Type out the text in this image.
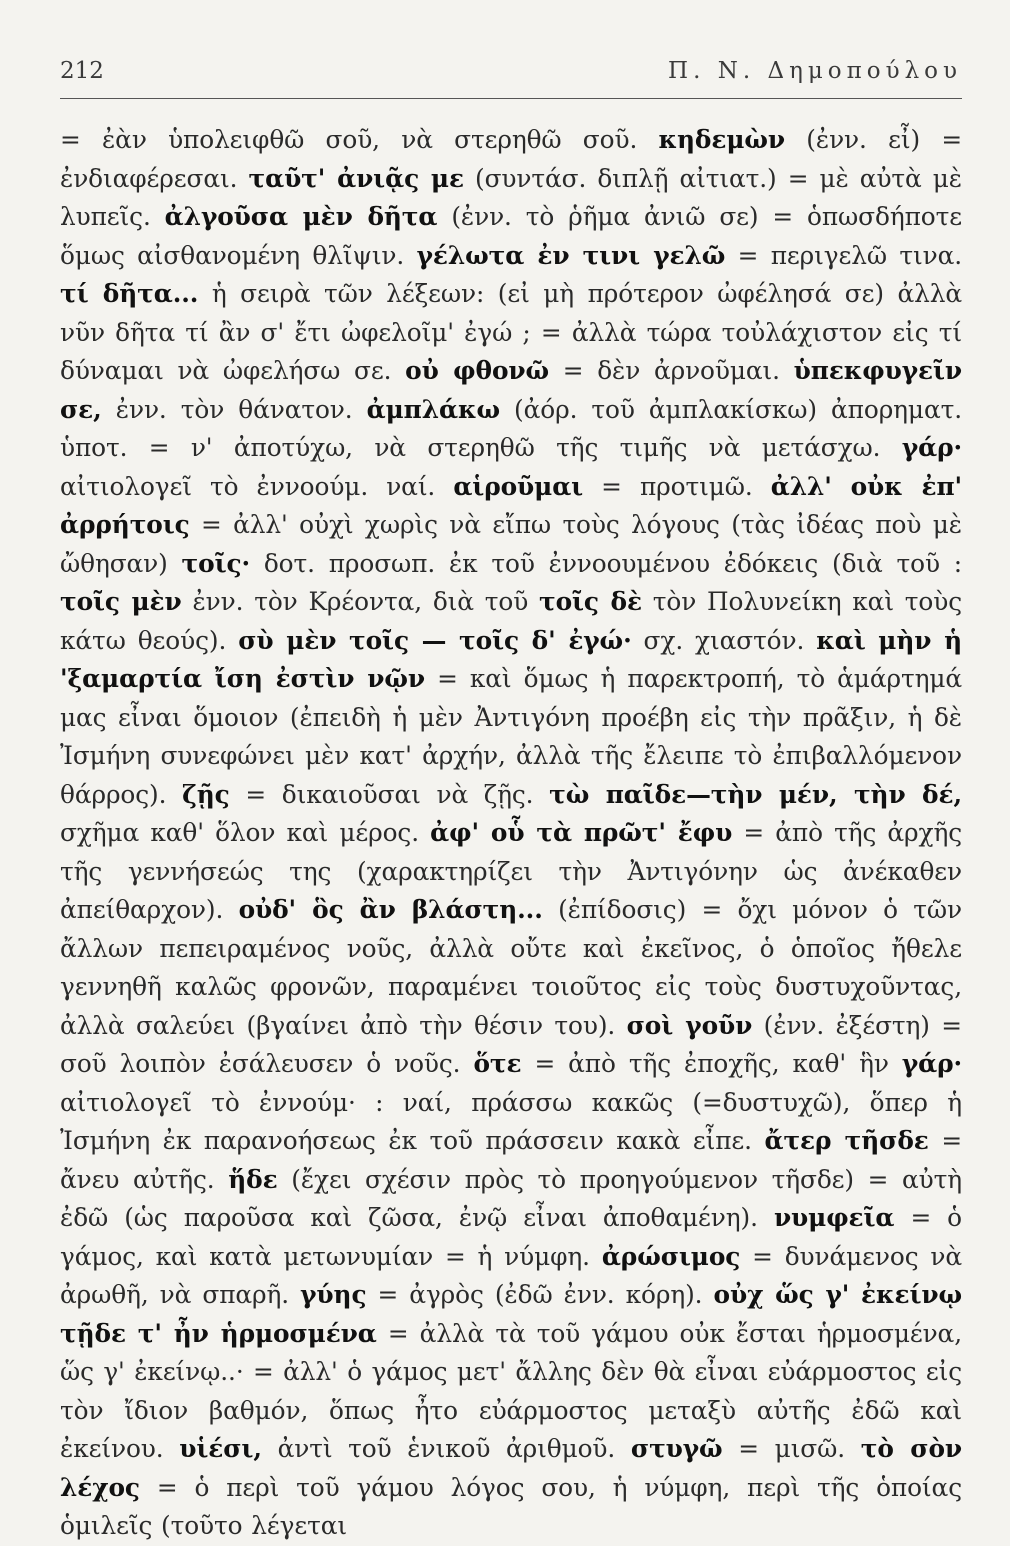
212	Π. Ν. Δημοπούλου

= ἐὰν ὑπολειφθῶ σοῦ, νὰ στερηθῶ σοῦ. κηδεμὼν (ἐνν. εἶ) = ἐνδιαφέρεσαι. ταῦτ' ἀνιᾷς με (συντάσ. διπλῇ αἰτιατ.) = μὲ αὐτὰ μὲ λυπεῖς. ἀλγοῦσα μὲν δῆτα (ἐνν. τὸ ῥῆμα ἀνιῶ σε) = ὁπωσδήποτε ὅμως αἰσθανομένη θλῖψιν. γέλωτα ἐν τινι γελῶ = περιγελῶ τινα. τί δῆτα... ἡ σειρὰ τῶν λέξεων: (εἰ μὴ πρότερον ὠφέλησά σε) ἀλλὰ νῦν δῆτα τί ἂν σ' ἔτι ὠφελοῖμ' ἐγώ ; = ἀλλὰ τώρα τοὐλάχιστον εἰς τί δύναμαι νὰ ὠφελήσω σε. οὐ φθονῶ = δὲν ἀρνοῦμαι. ὑπεκφυγεῖν σε, ἐνν. τὸν θάνατον. ἀμπλάκω (ἀόρ. τοῦ ἀμπλακίσκω) ἀπορηματ. ὑποτ. = ν' ἀποτύχω, νὰ στερηθῶ τῆς τιμῆς νὰ μετάσχω. γάρ· αἰτιολογεῖ τὸ ἐννοούμ. ναί. αἱροῦμαι = προτιμῶ. ἀλλ' οὐκ ἐπ' ἀρρήτοις = ἀλλ' οὐχὶ χωρὶς νὰ εἴπω τοὺς λόγους (τὰς ἰδέας ποὺ μὲ ὤθησαν) τοῖς· δοτ. προσωπ. ἐκ τοῦ ἐννοουμένου ἐδόκεις (διὰ τοῦ : τοῖς μὲν ἐνν. τὸν Κρέοντα, διὰ τοῦ τοῖς δὲ τὸν Πολυνείκη καὶ τοὺς κάτω θεούς). σὺ μὲν τοῖς — τοῖς δ' ἐγώ· σχ. χιαστόν. καὶ μὴν ἡ 'ξαμαρτία ἴση ἐστὶν νῷν = καὶ ὅμως ἡ παρεκτροπή, τὸ ἁμάρτημά μας εἶναι ὅμοιον (ἐπειδὴ ἡ μὲν Ἀντιγόνη προέβη εἰς τὴν πρᾶξιν, ἡ δὲ Ἰσμήνη συνεφώνει μὲν κατ' ἀρχήν, ἀλλὰ τῆς ἔλειπε τὸ ἐπιβαλλόμενον θάρρος). ζῇς = δικαιοῦσαι νὰ ζῇς. τὼ παῖδε—τὴν μέν, τὴν δέ, σχῆμα καθ' ὅλον καὶ μέρος. ἀφ' οὗ τὰ πρῶτ' ἔφυ = ἀπὸ τῆς ἀρχῆς τῆς γεννήσεώς της (χαρακτηρίζει τὴν Ἀντιγόνην ὡς ἀνέκαθεν ἀπείθαρχον). οὐδ' ὃς ἂν βλάστη... (ἐπίδοσις) = ὄχι μόνον ὁ τῶν ἄλλων πεπειραμένος νοῦς, ἀλλὰ οὔτε καὶ ἐκεῖνος, ὁ ὁποῖος ἤθελε γεννηθῆ καλῶς φρονῶν, παραμένει τοιοῦτος εἰς τοὺς δυστυχοῦντας, ἀλλὰ σαλεύει (βγαίνει ἀπὸ τὴν θέσιν του). σοὶ γοῦν (ἐνν. ἐξέστη) = σοῦ λοιπὸν ἐσάλευσεν ὁ νοῦς. ὅτε = ἀπὸ τῆς ἐποχῆς, καθ' ἣν γάρ· αἰτιολογεῖ τὸ ἐννούμ· : ναί, πράσσω κακῶς (=δυστυχῶ), ὅπερ ἡ Ἰσμήνη ἐκ παρανοήσεως ἐκ τοῦ πράσσειν κακὰ εἶπε. ἄτερ τῆσδε = ἄνευ αὐτῆς. ἥδε (ἔχει σχέσιν πρὸς τὸ προηγούμενον τῆσδε) = αὐτὴ ἐδῶ (ὡς παροῦσα καὶ ζῶσα, ἐνῷ εἶναι ἀποθαμένη). νυμφεῖα = ὁ γάμος, καὶ κατὰ μετωνυμίαν = ἡ νύμφη. ἀρώσιμος = δυνάμενος νὰ ἀρωθῆ, νὰ σπαρῆ. γύης = ἀγρὸς (ἐδῶ ἐνν. κόρη). οὐχ ὥς γ' ἐκείνῳ τῇδε τ' ἦν ἡρμοσμένα = ἀλλὰ τὰ τοῦ γάμου οὐκ ἔσται ἡρμοσμένα, ὥς γ' ἐκείνῳ..· = ἀλλ' ὁ γάμος μετ' ἄλλης δὲν θὰ εἶναι εὐάρμοστος εἰς τὸν ἴδιον βαθμόν, ὅπως ἦτο εὐάρμοστος μεταξὺ αὐτῆς ἐδῶ καὶ ἐκείνου. υἱέσι, ἀντὶ τοῦ ἑνικοῦ ἀριθμοῦ. στυγῶ = μισῶ. τὸ σὸν λέχος = ὁ περὶ τοῦ γάμου λόγος σου, ἡ νύμφη, περὶ τῆς ὁποίας ὁμιλεῖς (τοῦτο λέγεται
